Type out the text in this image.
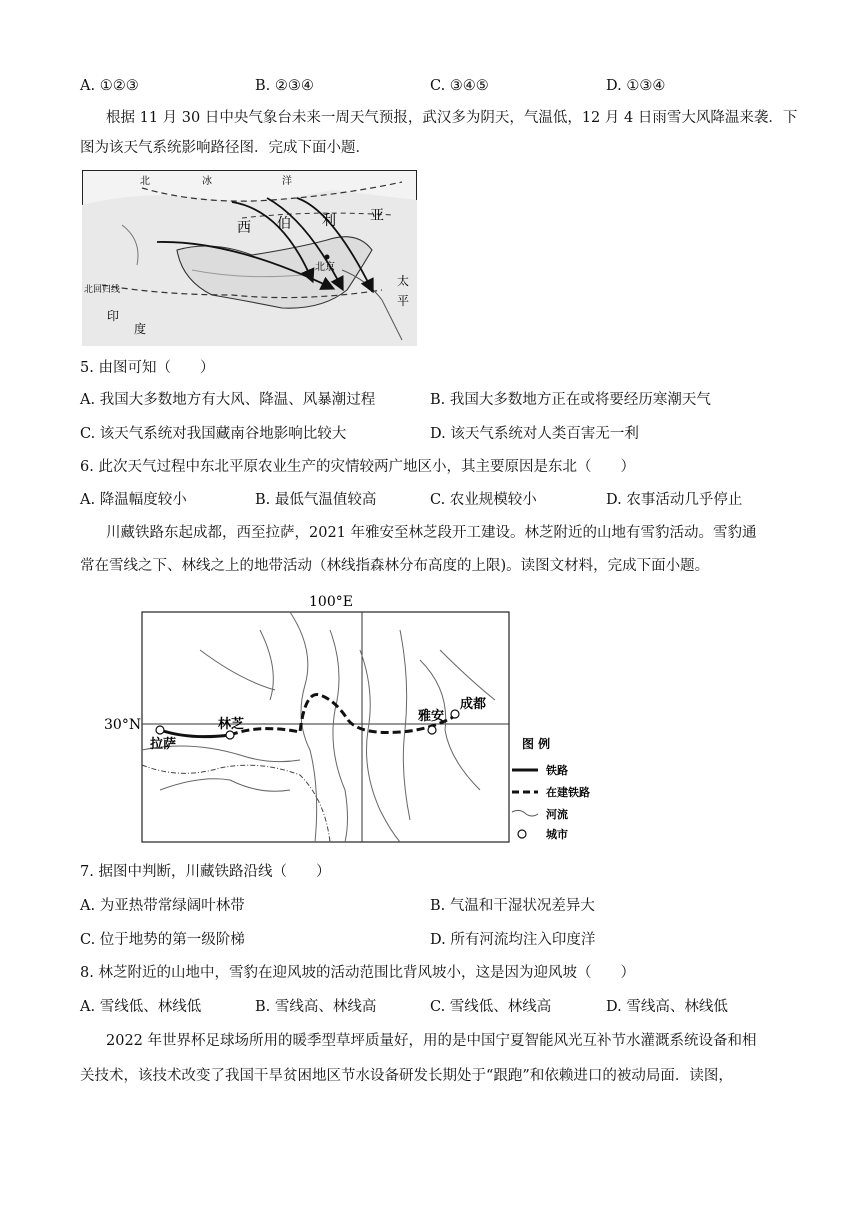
A. ①②③	B. ②③④	C. ③④⑤	D. ①③④
根据 11 月 30 日中央气象台未来一周天气预报，武汉多为阴天，气温低，12 月 4 日雨雪大风降温来袭．下
图为该天气系统影响路径图．完成下面小题．
北	冰	洋
西 伯 利 亚
北京
太
平
北回归线
印
度
5. 由图可知（　　）
A. 我国大多数地方有大风、降温、风暴潮过程	B. 我国大多数地方正在或将要经历寒潮天气
C. 该天气系统对我国藏南谷地影响比较大	D. 该天气系统对人类百害无一利
6. 此次天气过程中东北平原农业生产的灾情较两广地区小，其主要原因是东北（　　）
A. 降温幅度较小	B. 最低气温值较高	C. 农业规模较小	D. 农事活动几乎停止
川藏铁路东起成都，西至拉萨，2021 年雅安至林芝段开工建设。林芝附近的山地有雪豹活动。雪豹通
常在雪线之下、林线之上的地带活动（林线指森林分布高度的上限)。读图文材料，完成下面小题。
100°E
30°N
拉萨
林芝
雅安
成都
图 例
铁路
在建铁路
河流
城市
7. 据图中判断，川藏铁路沿线（　　）
A. 为亚热带常绿阔叶林带	B. 气温和干湿状况差异大
C. 位于地势的第一级阶梯	D. 所有河流均注入印度洋
8. 林芝附近的山地中，雪豹在迎风坡的活动范围比背风坡小，这是因为迎风坡（　　）
A. 雪线低、林线低	B. 雪线高、林线高	C. 雪线低、林线高	D. 雪线高、林线低
2022 年世界杯足球场所用的暖季型草坪质量好，用的是中国宁夏智能风光互补节水灌溉系统设备和相
关技术，该技术改变了我国干旱贫困地区节水设备研发长期处于“跟跑”和依赖进口的被动局面．读图，
